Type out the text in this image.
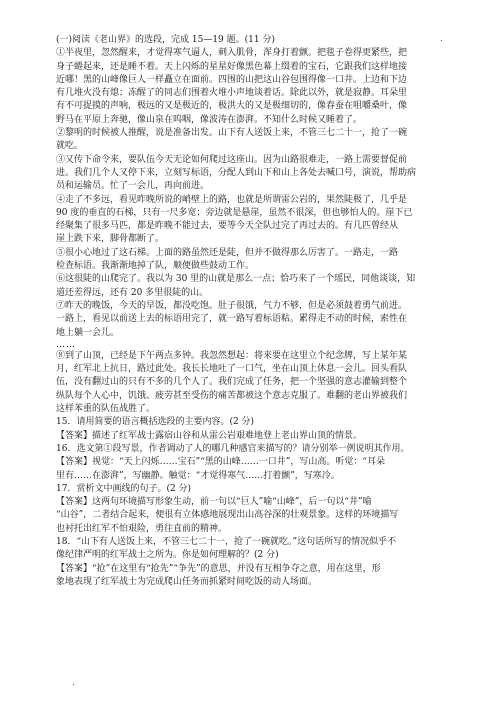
.
.
(一)阅读《老山界》的选段，完成 15—19 题。(11 分)
①半夜里，忽然醒来，才觉得寒气逼人，刺入肌骨，浑身打着颤。把毯子卷得更紧些，把
身子蜷起来，还是睡不着。天上闪烁的星星好像黑色幕上缀着的宝石，它跟我们这样地接
近哪！黑的山峰像巨人一样矗立在面前。四围的山把这山谷包围得像一口井。上边和下边
有几堆火没有熄；冻醒了的同志们围着火堆小声地谈着话。除此以外，就是寂静。耳朵里
有不可捉摸的声响，极远的又是极近的，极洪大的又是极细切的，像春蚕在咀嚼桑叶，像
野马在平原上奔驰，像山泉在呜咽，像波涛在澎湃。不知什么时候又睡着了。
②黎明的时候被人推醒，说是准备出发。山下有人送饭上来，不管三七二十一，抢了一碗
就吃。
③又传下命令来，要队伍今天无论如何爬过这座山。因为山路很难走，一路上需要督促前
进。我们几个人又停下来，立刻写标语，分配人到山下和山上各处去喊口号，演说，帮助病
员和运输员。忙了一会儿，再向前进。
④走了不多远，看见昨晚所说的峭壁上的路，也就是所谓雷公岩的，果然陡极了，几乎是
90 度的垂直的石梯，只有一尺多宽；旁边就是悬崖，虽然不很深，但也够怕人的。崖下已
经聚集了很多马匹，都是昨晚不能过去，要等今天全队过完了再过去的。有几匹曾经从
崖上跌下来，脚骨都断了。
⑤很小心地过了这石梯。上面的路虽然还是陡，但并不做得那么厉害了。一路走，一路
检查标语。我渐渐地掉了队，顺便做些鼓动工作。
⑥这很陡的山爬完了。我以为 30 里的山就是那么一点；恰巧来了一个瑶民，同他谈谈，知
道还差得远，还有 20 多里很陡的山。
⑦昨天的晚饭，今天的早饭，都没吃饱。肚子很饿，气力不够，但是必须鼓着勇气前进。
一路上，看见以前送上去的标语用完了，就一路写着标语粘。累得走不动的时候，索性在
地上躺一会儿。
……
⑧到了山顶，已经是下午两点多钟。我忽然想起：将来要在这里立个纪念牌，写上某年某
月，红军北上抗日，路过此处。我长长地吐了一口气，坐在山顶上休息一会儿。回头看队
伍，没有翻过山的只有不多的几个人了。我们完成了任务，把一个坚强的意志灌输到整个
纵队每个人心中，饥饿、疲劳甚至受伤的痛苦都被这个意志克服了。难翻的老山界被我们
这样苯重的队伍战胜了。
15．请用简要的语言概括选段的主要内容。(2 分)
【答案】描述了红军战士露宿山谷和从雷公岩艰难地登上老山界山顶的情景。
16．选文第①段写景，作者调动了人的哪几种感官来描写的？请分别举一例说明其作用。
【答案】视觉：“天上闪烁……宝石”“黑的山峰……一口井”，写山高。听觉：“耳朵
里有……在澎湃”，写幽静。触觉：“才觉得寒气……打着颤”，写寒冷。
17．赏析文中画线的句子。(2 分)
【答案】这两句环境描写形象生动，前一句以“巨人”喻“山峰”，后一句以“井”喻
“山谷”，二者结合起来，便很有立体感地展现出山高谷深的壮观景象。这样的环境描写
也衬托出红军不怕艰险，勇往直前的精神。
18．“山下有人送饭上来，不管三七二十一，抢了一碗就吃。”这句话所写的情况似乎不
像纪律严明的红军战士之所为。你是如何理解的？(2 分)
【答案】“抢”在这里有“抢先”“争先”的意思，并没有互相争夺之意，用在这里，形
象地表现了红军战士为完成爬山任务而抓紧时间吃饭的动人场面。
